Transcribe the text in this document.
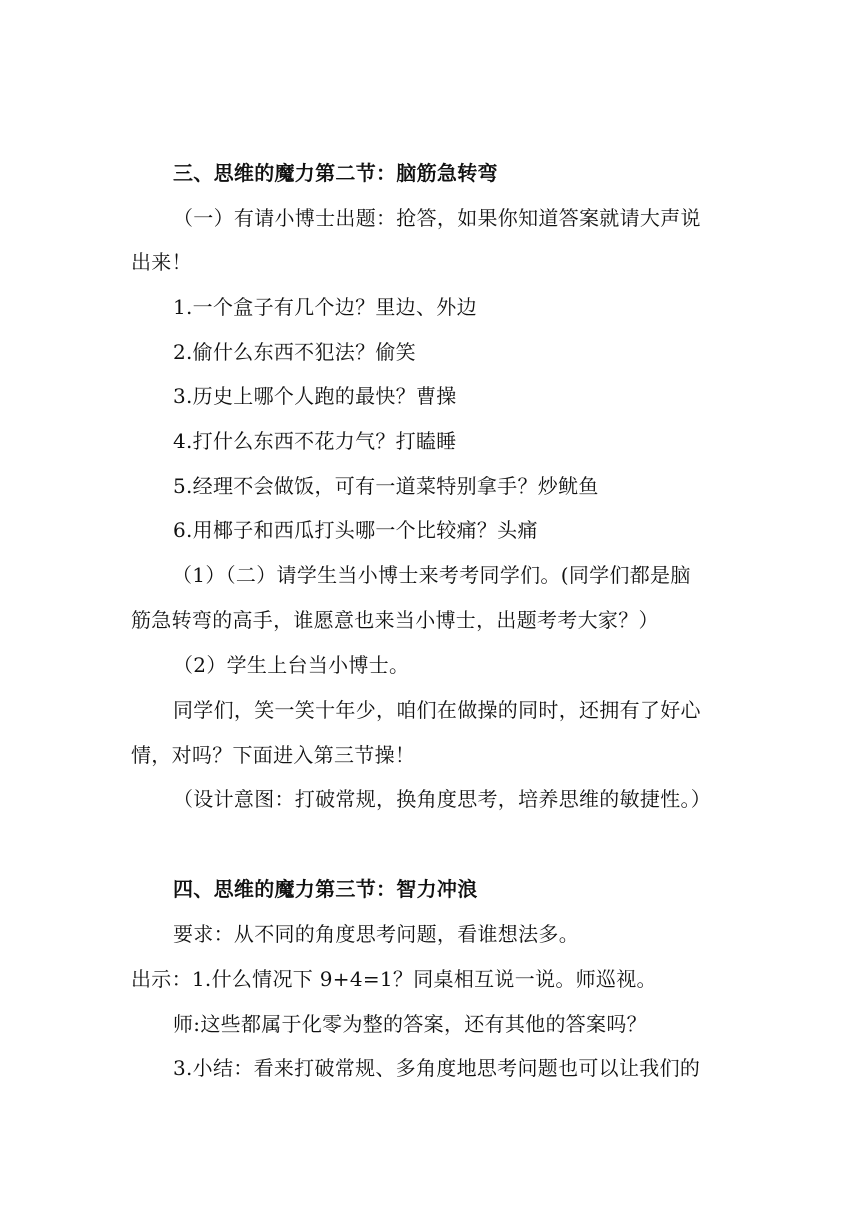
三、思维的魔力第二节：脑筋急转弯
（一）有请小博士出题：抢答，如果你知道答案就请大声说
出来！
1.一个盒子有几个边？里边、外边
2.偷什么东西不犯法？偷笑
3.历史上哪个人跑的最快？曹操
4.打什么东西不花力气？打瞌睡
5.经理不会做饭，可有一道菜特别拿手？炒鱿鱼
6.用椰子和西瓜打头哪一个比较痛？头痛
（1）（二）请学生当小博士来考考同学们。(同学们都是脑
筋急转弯的高手，谁愿意也来当小博士，出题考考大家？）
（2）学生上台当小博士。
同学们，笑一笑十年少，咱们在做操的同时，还拥有了好心
情，对吗？下面进入第三节操！
（设计意图：打破常规，换角度思考，培养思维的敏捷性。）
四、思维的魔力第三节：智力冲浪
要求：从不同的角度思考问题，看谁想法多。
出示：1.什么情况下 9+4=1？同桌相互说一说。师巡视。
师:这些都属于化零为整的答案，还有其他的答案吗？
3.小结：看来打破常规、多角度地思考问题也可以让我们的
